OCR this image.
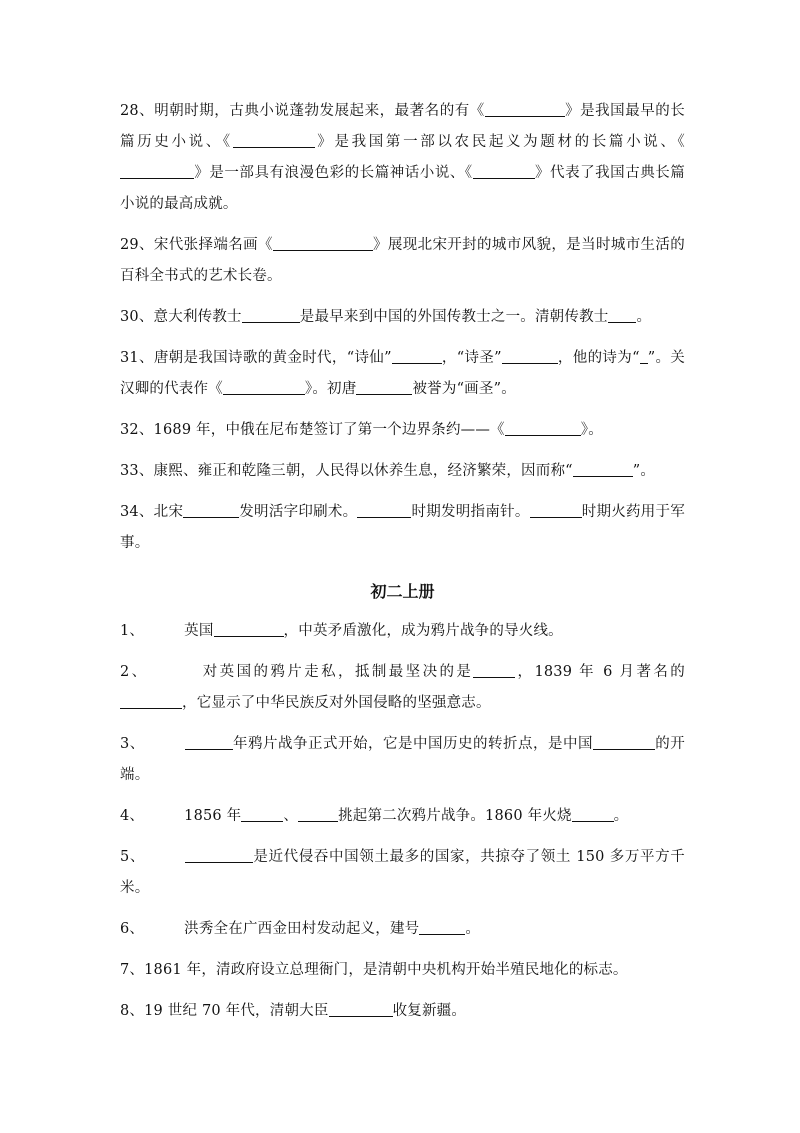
28、明朝时期，古典小说蓬勃发展起来，最著名的有《	》是我国最早的长篇历史小说、《	》是我国第一部以农民起义为题材的长篇小说、《》是一部具有浪漫色彩的长篇神话小说、《	》代表了我国古典长篇小说的最高成就。

29、宋代张择端名画《	》展现北宋开封的城市风貌，是当时城市生活的百科全书式的艺术长卷。

30、意大利传教士	是最早来到中国的外国传教士之一。清朝传教士 。

31、唐朝是我国诗歌的黄金时代，“诗仙”	，“诗圣”	，他的诗为“ ”。关汉卿的代表作《	》。初唐	被誉为“画圣”。

32、1689 年，中俄在尼布楚签订了第一个边界条约——《	》。

33、康熙、雍正和乾隆三朝，人民得以休养生息，经济繁荣，因而称“	”。

34、北宋	发明活字印刷术。	时期发明指南针。	时期火药用于军事。

初二上册

1、	英国	，中英矛盾激化，成为鸦片战争的导火线。

2、	对英国的鸦片走私，抵制最坚决的是	，1839 年 6 月著名的，它显示了中华民族反对外国侵略的坚强意志。

3、	年鸦片战争正式开始，它是中国历史的转折点，是中国	的开端。

4、	1856 年	、	挑起第二次鸦片战争。1860 年火烧	。

5、	是近代侵吞中国领土最多的国家，共掠夺了领土 150 多万平方千米。

6、	洪秀全在广西金田村发动起义，建号	。

7、1861 年，清政府设立总理衙门，是清朝中央机构开始半殖民地化的标志。

8、19 世纪 70 年代，清朝大臣	收复新疆。
